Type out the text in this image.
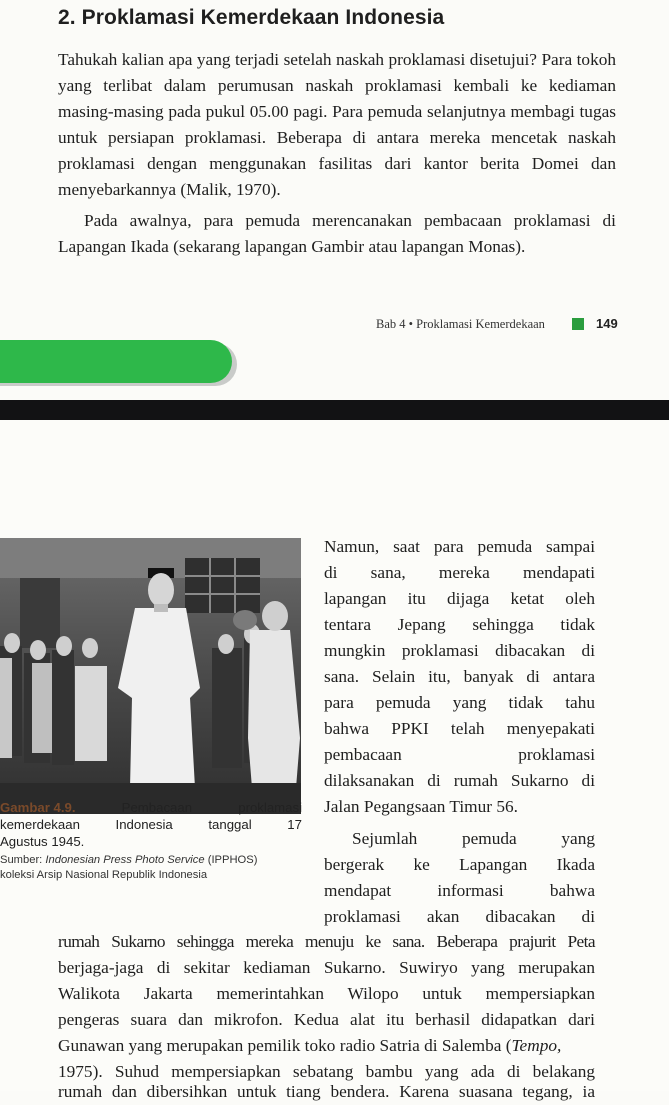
2. Proklamasi Kemerdekaan Indonesia

Tahukah kalian apa yang terjadi setelah naskah proklamasi disetujui? Para tokoh yang terlibat dalam perumusan naskah proklamasi kembali ke kediaman masing-masing pada pukul 05.00 pagi. Para pemuda selanjutnya membagi tugas untuk persiapan proklamasi. Beberapa di antara mereka mencetak naskah proklamasi dengan menggunakan fasilitas dari kantor berita Domei dan menyebarkannya (Malik, 1970).

Pada awalnya, para pemuda merencanakan pembacaan proklamasi di Lapangan Ikada (sekarang lapangan Gambir atau lapangan Monas).

Bab 4 • Proklamasi Kemerdekaan	149
Gambar 4.9.	Pembacaan	proklamasi
kemerdekaan	Indonesia	tanggal	17
Agustus 1945.
Sumber: Indonesian Press Photo Service (IPPHOS)
koleksi Arsip Nasional Republik Indonesia
Namun, saat para pemuda sampai
di sana, mereka mendapati
lapangan itu dijaga ketat oleh
tentara Jepang sehingga tidak
mungkin proklamasi dibacakan di
sana. Selain itu, banyak di antara
para pemuda yang tidak tahu
bahwa PPKI telah menyepakati
pembacaan proklamasi
dilaksanakan di rumah Sukarno di
Jalan Pegangsaan Timur 56.
Sejumlah pemuda yang
bergerak ke Lapangan Ikada
mendapat informasi bahwa
proklamasi akan dibacakan di
rumah Sukarno sehingga mereka menuju ke sana. Beberapa prajurit Peta
berjaga-jaga di sekitar kediaman Sukarno. Suwiryo yang merupakan
Walikota Jakarta memerintahkan Wilopo untuk mempersiapkan
pengeras suara dan mikrofon. Kedua alat itu berhasil didapatkan dari
Gunawan yang merupakan pemilik toko radio Satria di Salemba (Tempo,
1975). Suhud mempersiapkan sebatang bambu yang ada di belakang
rumah dan dibersihkan untuk tiang bendera. Karena suasana tegang, ia
